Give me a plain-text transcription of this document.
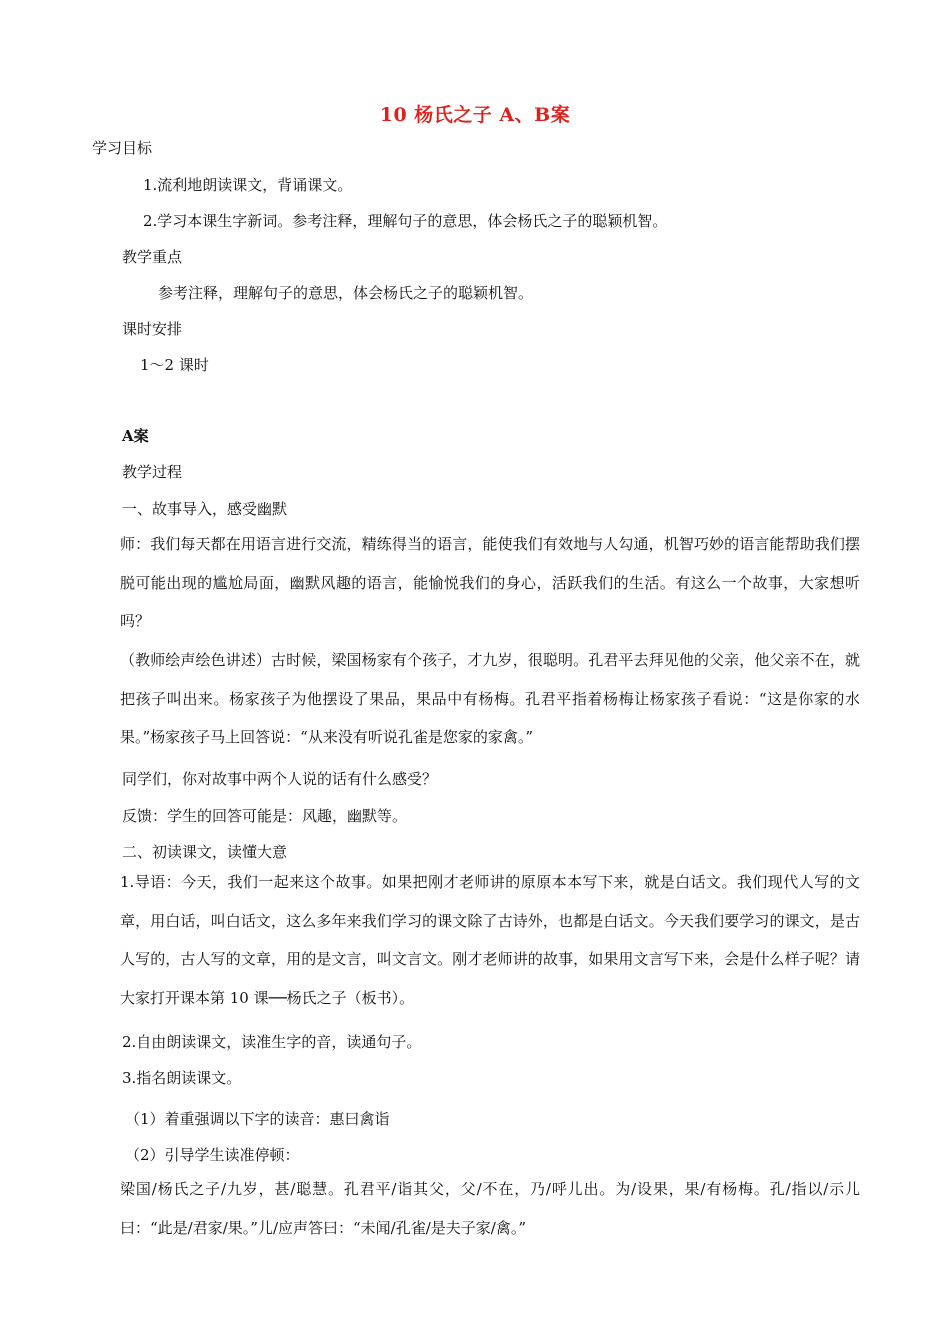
10 杨氏之子 A、B案
学习目标
1.流利地朗读课文，背诵课文。
2.学习本课生字新词。参考注释，理解句子的意思，体会杨氏之子的聪颖机智。
教学重点
参考注释，理解句子的意思，体会杨氏之子的聪颖机智。
课时安排
1～2 课时
A案
教学过程
一、故事导入，感受幽默
师：我们每天都在用语言进行交流，精练得当的语言，能使我们有效地与人勾通，机智巧妙的语言能帮助我们摆脱可能出现的尴尬局面，幽默风趣的语言，能愉悦我们的身心，活跃我们的生活。有这么一个故事，大家想听吗？
（教师绘声绘色讲述）古时候，梁国杨家有个孩子，才九岁，很聪明。孔君平去拜见他的父亲，他父亲不在，就把孩子叫出来。杨家孩子为他摆设了果品，果品中有杨梅。孔君平指着杨梅让杨家孩子看说：“这是你家的水果。”杨家孩子马上回答说：“从来没有听说孔雀是您家的家禽。”
同学们，你对故事中两个人说的话有什么感受？
反馈：学生的回答可能是：风趣，幽默等。
二、初读课文，读懂大意
1.导语：今天，我们一起来这个故事。如果把刚才老师讲的原原本本写下来，就是白话文。我们现代人写的文章，用白话，叫白话文，这么多年来我们学习的课文除了古诗外，也都是白话文。今天我们要学习的课文，是古人写的，古人写的文章，用的是文言，叫文言文。刚才老师讲的故事，如果用文言写下来，会是什么样子呢？请大家打开课本第 10 课──杨氏之子（板书）。
2.自由朗读课文，读准生字的音，读通句子。
3.指名朗读课文。
（1）着重强调以下字的读音：惠曰禽诣
（2）引导学生读准停顿：
梁国/杨氏之子/九岁，甚/聪慧。孔君平/诣其父，父/不在，乃/呼儿出。为/设果，果/有杨梅。孔/指以/示儿曰：“此是/君家/果。”儿/应声答曰：“未闻/孔雀/是夫子家/禽。”
